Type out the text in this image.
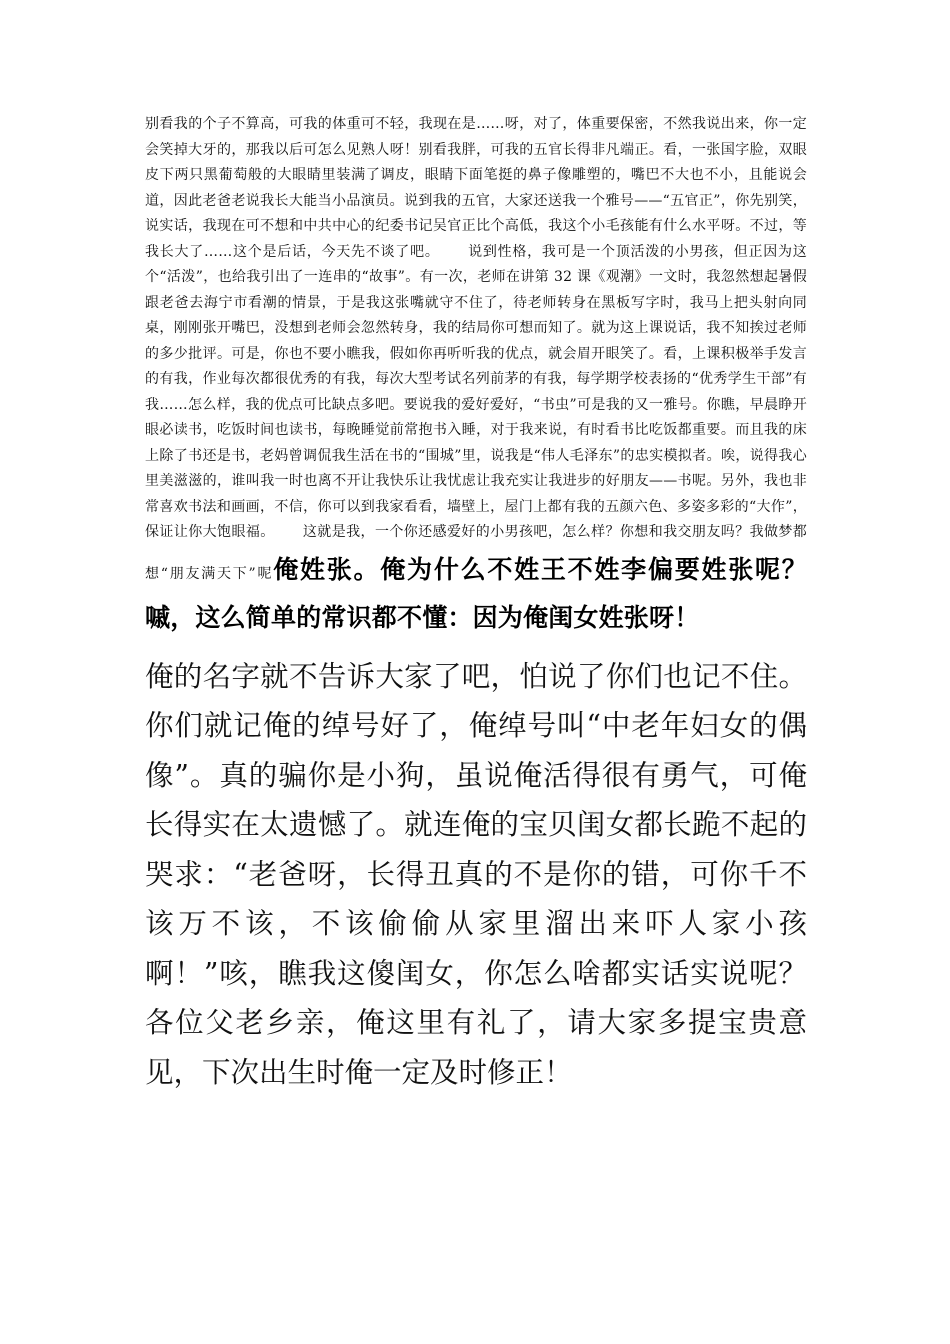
别看我的个子不算高，可我的体重可不轻，我现在是……呀，对了，体重要保密，不然我说出来，你一定会笑掉大牙的，那我以后可怎么见熟人呀！别看我胖，可我的五官长得非凡端正。看，一张国字脸，双眼皮下两只黑葡萄般的大眼睛里装满了调皮，眼睛下面笔挺的鼻子像雕塑的，嘴巴不大也不小，且能说会道，因此老爸老说我长大能当小品演员。说到我的五官，大家还送我一个雅号——“五官正”，你先别笑，说实话，我现在可不想和中共中心的纪委书记吴官正比个高低，我这个小毛孩能有什么水平呀。不过，等我长大了……这个是后话，今天先不谈了吧。 说到性格，我可是一个顶活泼的小男孩，但正因为这个“活泼”，也给我引出了一连串的“故事”。有一次，老师在讲第 32 课《观潮》一文时，我忽然想起暑假跟老爸去海宁市看潮的情景，于是我这张嘴就守不住了，待老师转身在黑板写字时，我马上把头射向同桌，刚刚张开嘴巴，没想到老师会忽然转身，我的结局你可想而知了。就为这上课说话，我不知挨过老师的多少批评。可是，你也不要小瞧我，假如你再听听我的优点，就会眉开眼笑了。看，上课积极举手发言的有我，作业每次都很优秀的有我，每次大型考试名列前茅的有我，每学期学校表扬的“优秀学生干部”有我……怎么样，我的优点可比缺点多吧。要说我的爱好爱好，“书虫”可是我的又一雅号。你瞧，早晨睁开眼必读书，吃饭时间也读书，每晚睡觉前常抱书入睡，对于我来说，有时看书比吃饭都重要。而且我的床上除了书还是书，老妈曾调侃我生活在书的“围城”里，说我是“伟人毛泽东”的忠实模拟者。唉，说得我心里美滋滋的，谁叫我一时也离不开让我快乐让我忧虑让我充实让我进步的好朋友——书呢。另外，我也非常喜欢书法和画画，不信，你可以到我家看看，墙壁上，屋门上都有我的五颜六色、多姿多彩的“大作”，保证让你大饱眼福。 这就是我，一个你还感爱好的小男孩吧，怎么样？你想和我交朋友吗？我做梦都想“朋友满天下”呢俺姓张。俺为什么不姓王不姓李偏要姓张呢？嘁，这么简单的常识都不懂：因为俺闺女姓张呀！

俺的名字就不告诉大家了吧，怕说了你们也记不住。你们就记俺的绰号好了，俺绰号叫“中老年妇女的偶像”。真的骗你是小狗，虽说俺活得很有勇气，可俺长得实在太遗憾了。就连俺的宝贝闺女都长跪不起的哭求：“老爸呀，长得丑真的不是你的错，可你千不该万不该，不该偷偷从家里溜出来吓人家小孩啊！”咳，瞧我这傻闺女，你怎么啥都实话实说呢？各位父老乡亲，俺这里有礼了，请大家多提宝贵意见，下次出生时俺一定及时修正！
